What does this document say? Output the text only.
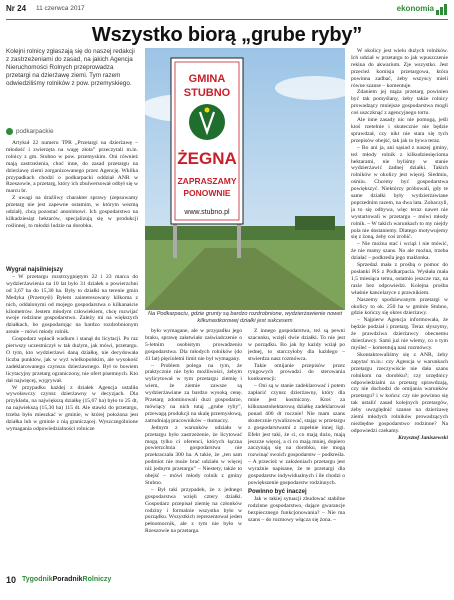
Nr 24 11 czerwca 2017	ekonomia
Wszystko biorą „grube ryby”
Kolejni rolnicy zgłaszają się do naszej redakcji z zastrzeżeniami do zasad, na jakich Agencja Nieruchomości Rolnych przeprowadza przetargi na dzierżawę ziemi. Tym razem odwiedziliśmy rolników z pow. przemyskiego.
podkarpackie

Artykuł 22 numeru TPR „Przetargi na dzierżawę – młodość i zwierzęta na wagę złota” przeczytali m.in. rolnicy z gm. Stubno w pow. przemyskim. Oni również mają zastrzeżenia, choć inne, do zasad przetargu na dzierżawę ziemi zorganizowanego przez Agencję. Wkilka przypadkach chodzi o podkarpacki oddział ANR w Rzeszowie, a przetarg, który ich zbulwersował odbył się w marcu br.

Z uwagi na drażliwy charakter sprawy (zepsuwamy przetarg nie jest zapewne ostatnim, w którym wezmą udział), chcą pozostać anonimowi. Ich gospodarstwo na kilkadziesiąt hektarów, specjalizują się w produkcji roślinnej, to młodzi ludzie na dorobku.

Wygrał najsilniejszy

– W przetargu rozstrzygniętym 22 i 23 marca do wydzierżawienia na 10 lat było 31 działek o powierzchni od 3,67 ha do 15,30 ha. Były to działki na terenie gmin Medyka (Przemyśl) Byłem zainteresowany kilkoma z nich, oddalonymi od mojego gospodarstwa o kilkanaście kilometrów. Jestem młodym człowiekiem, chcę rozwijać swoje rodzinne gospodarstwo. Zależy mi na większych działkach, bo gospodarując na bardzo rozdrobnionym areale – mówi młody rolnik.

Gospodarz wpłacił wadium i stanął do licytacji. Po raz pierwszy uczestniczył w tak dużym, jak mówi, przetargu. O tym, kto wydzierżawi daną działkę, nie decydowała liczba punktów, jak w wyż wielkopolskim, ale wysokość zadeklarowanego czynszu dzierżawnego. Był to bowiem licytacyjny przetarg ograniczony, nie ofert pisemnych. Kto dał najwięcej, wygrywał.

W przypadku każdej z działek Agencja ustaliła wywoławczy czynsz dzierżawny w decyzjach. Dla przykładu, na największą działkę (15,67 ha) było to 25 dt, na najwiekszą (15,30 ha) 115 dt. Ale stawki do przetargu, trzeba było mieszkać w gminie, w której położona jest działka lub w gminie z nią graniczącej. Wyszczególnione wymagania odpowiedzialności rolnicze

GMINA
STUBNO
ŻEGNA
ZAPRASZAMY
PONOWNIE
www.stubno.pl
Na Podkarpaciu, gdzie grunty są bardzo rozdrobnione, wydzierżawienie nowet kilkunastkorowej działki jest sukcesem

było wymagane, ale w przypadku jego braku, sprawę załatwiało zaświadczenie o 5-letnim osobistym prowadzeniu gospodarstwa. Dla młodych rolników (do 41 lat) pięcioletni limit nie był wymagany.

– Problem polega na tym, że praktycznie nie było możliwości, żebym wylicytował w tym przetargu ziemię i wiem, że ziemie zawsze są wydzierżawiane za bardzo wysoką cenę. Przetarg zdominowali duzi gospodarze, mówiący na nich tutaj „grube ryby”, przewagą produkcji na skalę przemysłową, zatrudniają pracowników – tłumaczy.

Jednym z warunków udziału w przetargu było zastrzeżenie, że licytować mogą tylko ci oferenci, których łączna powierzchnia gospodarstwa nie przekraczała 300 ha. A takie, że „ten sam podmiot nie może brać udziału w więcej niż jednym przetargu” – Niestety, także to obejść – mówi młody rolnik z gminy Stubno.

– Był taki przypadek, że z jednego gospodarstwa wzięli cztery działki. Gospodarz przepisał ziemię na członków rodziny i formalnie wszystko było w porządku. Wszystkich reprezentował jeden pełnomocnik, ale z tym nie było w Rzeszowie na przetarga.

Z innego gospodarstwa, też są pewni szacunku, wzięli dwie działki. To nie jest w porządku. Bo jak by każdy wziął po jednej, to starczyłoby dla każdego – stwierdza nasz rozmówca.

Takie omijanie przepisów przez ryngowych prowadzi do sterowania konkurencji:

– Oni są w stanie zadeklarować i potem zapłacić czynsz dzierżawny, który dla mnie jest kosmiczny. Ktoś za kilkunastohektarową działkę zadeklarował ponad 400 dt rocznie! Nie mam szans skutecznie rywalizować, stając w przetargu z gospodarstwami z zupełnie innej ligi. Efekt jest taki, że ci, co mają dużo, mają jeszcze więcej, a ci co mają mniej, dopiero zaczynają się na dorobku, nie mogą rozwinąć swoich gospodarstw – podkreśla. – A przecież w założeniach przetargu jest wyraźnie napisane, że te przetargi dla gospodarstw indywidualnych i ile chodzi o powiększenie gospodarstw rodzinnych.

Powinno być inaczej

Jak w takiej sytuacji zbudować stabilne rodzinne gospodarstwo, dające gwarancje bezpiecznego funkcjonowania? – Nie ma szans – do rozmowy włącza się żona. –

W okolicy jest wielu dużych rolników. Ich udział w przetargu to jak wpuszczenie rekina do akwarium. Zje wszystko. Jest przecież komisja przetargowa, która powinna zadbać, żeby wszyscy mieli równe szanse – komentuje.

Zdaniem jej mąża przetarg powinien być tak pomyślany, żeby także rolnicy prowadzący mniejsze gospodarstwa mogli coś uszczknąć z agencyjnego tortu.

Ale inne zasady nic nie pomogą, jeśli ktoś rzetelnie i skutecznie nie będzie sprawdzał, czy nikt nie stara się tych przepisów obejść, tak jak to bywa teraz.

– Bo ani ja, ani sąsiad z naszej gminy, też młody rolnik z kilkudziesięcioma hektarami, nie byliśmy w stanie wydzierżawić żadnej działki. Takich rolników w okolicy jest więcej. Siedmiu, ośmiu. Chcemy być gospodarstwa powiększyć. Niektórzy próbowali, gdy te same działki były wydzierżawiane poprzednim razem, na dwa lata. Zobaczyli, ja to się odbywa, więc teraz nawet nie wystartowali w przetargu – mówi młody rolnik. – W takich warunkach to my niejdy pola nie dostaniemy. Dlatego motywujemy się z żoną, żeby coś zrobić.

– Nie można stać i wciąż i nie mówić, że nie mamy szans. No ale można, trzeba działać – podkreśla jego małżonka.

Sprzedaż mała z prośbą o pomoc do posłanki PiS z Podkarpacia. Wysłała mała 1,5 miesiąca temu, ostatnio jeszcze raz, na razie bez odpowiedzi. Kolejna prośba właśnie kancelaryce z prawnikiem.

Naszemy spodziewanym przetargi w okolicy to ok. 250 ha w gminie Stubno, gdzie kończy się okres dzierżawy.

– Najpierw Agencja informowała, że będzie podział i przetarg. Teraz słyszymy, że prawdziwa dzierżawcy obecnemu dzierżawcy. Sami już nie wiemy, co o tym myśleć – komentują nasi rozmówcy.

Skontaktowaliśmy się z ANR, żeby zapytać m.in.: czy Agencja w warunkach przetargu rzeczywiście nie dała szans rolnikom na dorobku?; czy urzędnicy odpowiedzialni za przetarg sprawdzają, czy nie dochodzi do omijania warunków przetargu? i w końcu: czy nie powinno się tak ustalić zasad kolejnych przetargów, żeby uwzględnić szanse na dzierżawę ziemi młodych rolników prowadzących niezbędne gospodarstwo rodzinne? Na odpowiedzi czekamy.

Krzysztof Janiszewski

10 TygodnikPoradnikRolniczy
